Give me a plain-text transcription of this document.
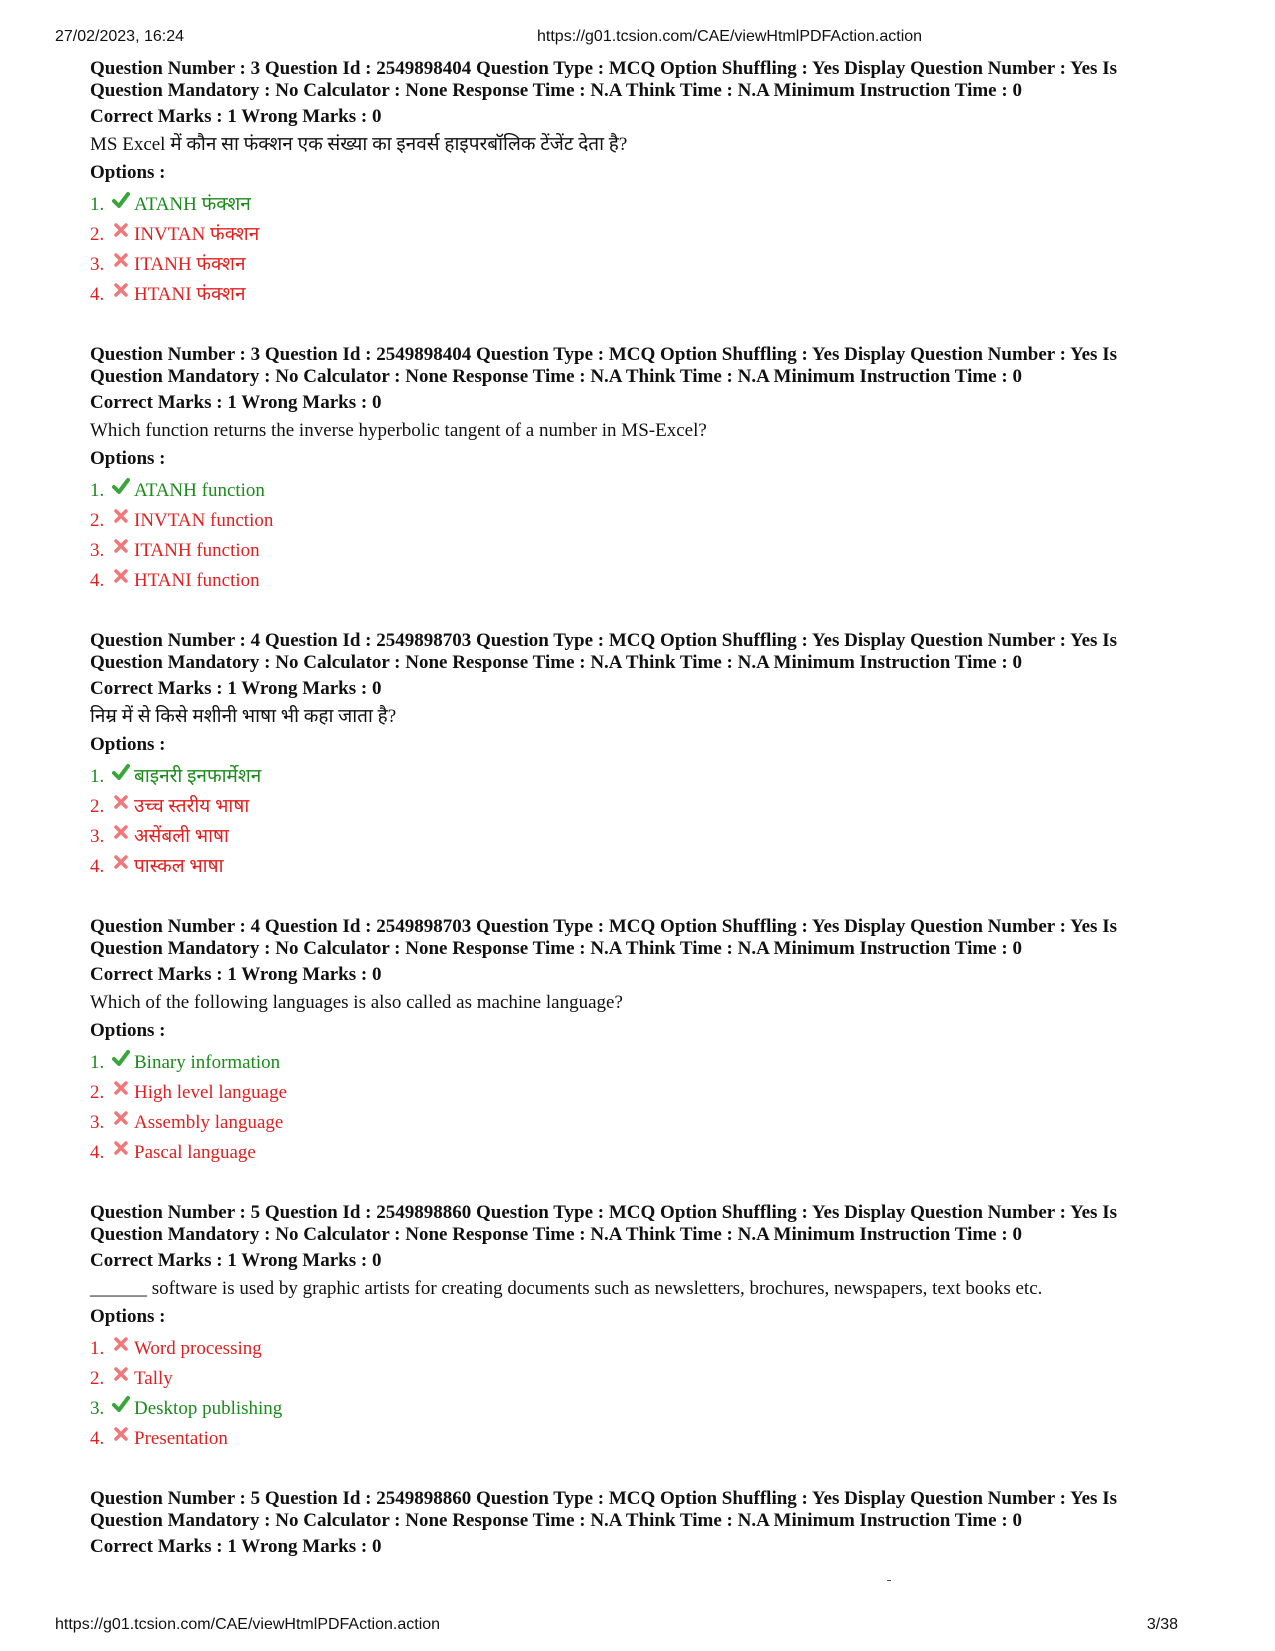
27/02/2023, 16:24	https://g01.tcsion.com/CAE/viewHtmlPDFAction.action
Question Number : 3 Question Id : 2549898404 Question Type : MCQ Option Shuffling : Yes Display Question Number : Yes Is
Question Mandatory : No Calculator : None Response Time : N.A Think Time : N.A Minimum Instruction Time : 0
Correct Marks : 1 Wrong Marks : 0
MS Excel में कौन सा फंक्शन एक संख्या का इनवर्स हाइपरबॉलिक टेंजेंट देता है?
Options :
1.	ATANH फंक्शन
2.	INVTAN फंक्शन
3.	ITANH फंक्शन
4.	HTANI फंक्शन
Question Number : 3 Question Id : 2549898404 Question Type : MCQ Option Shuffling : Yes Display Question Number : Yes Is
Question Mandatory : No Calculator : None Response Time : N.A Think Time : N.A Minimum Instruction Time : 0
Correct Marks : 1 Wrong Marks : 0
Which function returns the inverse hyperbolic tangent of a number in MS-Excel?
Options :
1.	ATANH function
2.	INVTAN function
3.	ITANH function
4.	HTANI function
Question Number : 4 Question Id : 2549898703 Question Type : MCQ Option Shuffling : Yes Display Question Number : Yes Is
Question Mandatory : No Calculator : None Response Time : N.A Think Time : N.A Minimum Instruction Time : 0
Correct Marks : 1 Wrong Marks : 0
निम्र में से किसे मशीनी भाषा भी कहा जाता है?
Options :
1.	बाइनरी इनफार्मेशन
2.	उच्च स्तरीय भाषा
3.	असेंबली भाषा
4.	पास्कल भाषा
Question Number : 4 Question Id : 2549898703 Question Type : MCQ Option Shuffling : Yes Display Question Number : Yes Is
Question Mandatory : No Calculator : None Response Time : N.A Think Time : N.A Minimum Instruction Time : 0
Correct Marks : 1 Wrong Marks : 0
Which of the following languages is also called as machine language?
Options :
1.	Binary information
2.	High level language
3.	Assembly language
4.	Pascal language
Question Number : 5 Question Id : 2549898860 Question Type : MCQ Option Shuffling : Yes Display Question Number : Yes Is
Question Mandatory : No Calculator : None Response Time : N.A Think Time : N.A Minimum Instruction Time : 0
Correct Marks : 1 Wrong Marks : 0
______ software is used by graphic artists for creating documents such as newsletters, brochures, newspapers, text books etc.
Options :
1.	Word processing
2.	Tally
3.	Desktop publishing
4.	Presentation
Question Number : 5 Question Id : 2549898860 Question Type : MCQ Option Shuffling : Yes Display Question Number : Yes Is
Question Mandatory : No Calculator : None Response Time : N.A Think Time : N.A Minimum Instruction Time : 0
Correct Marks : 1 Wrong Marks : 0
https://g01.tcsion.com/CAE/viewHtmlPDFAction.action	3/38
